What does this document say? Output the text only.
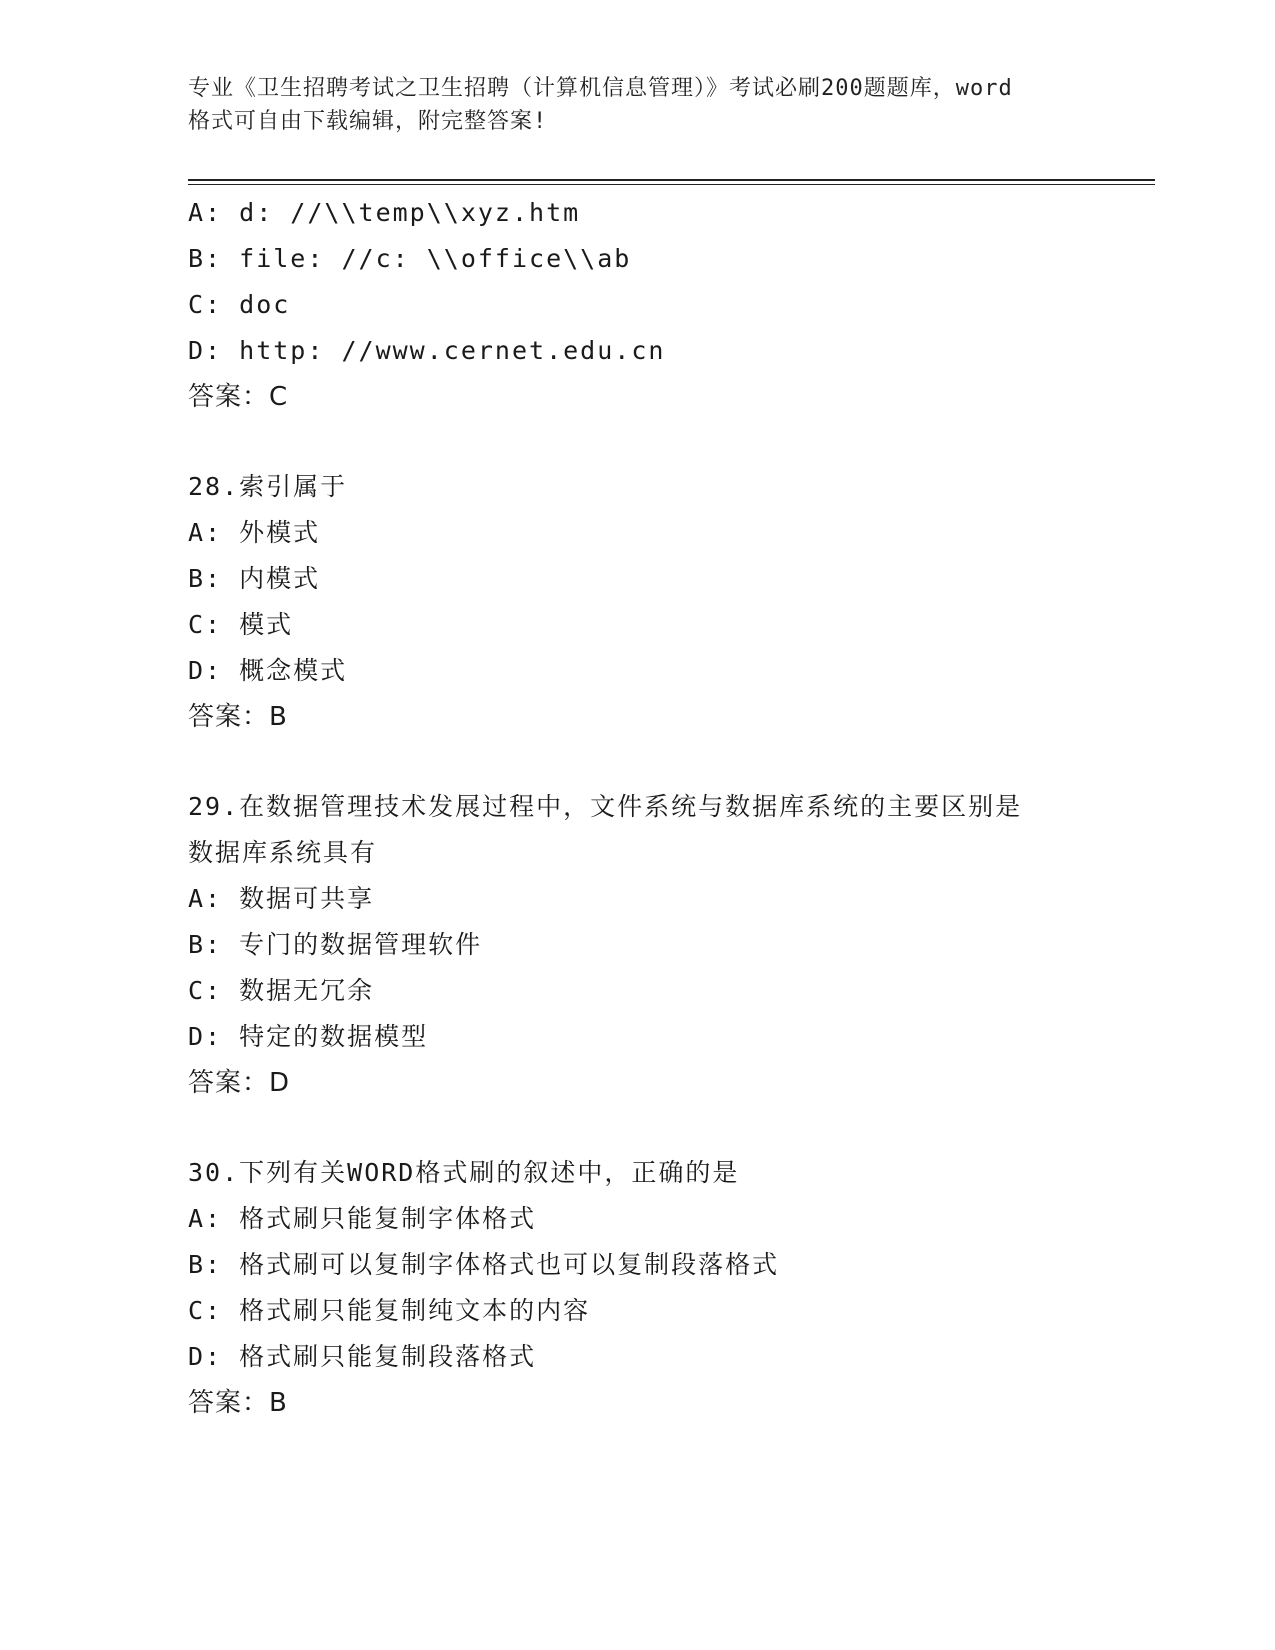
专业《卫生招聘考试之卫生招聘（计算机信息管理）》考试必刷200题题库，word
格式可自由下载编辑，附完整答案!
A: d: //\\temp\\xyz.htm
B: file: //c: \\office\\ab
C: doc
D: http: //www.cernet.edu.cn
答案：C
28.索引属于
A: 外模式
B: 内模式
C: 模式
D: 概念模式
答案：B
29.在数据管理技术发展过程中，文件系统与数据库系统的主要区别是
数据库系统具有
A: 数据可共享
B: 专门的数据管理软件
C: 数据无冗余
D: 特定的数据模型
答案：D
30.下列有关WORD格式刷的叙述中，正确的是
A: 格式刷只能复制字体格式
B: 格式刷可以复制字体格式也可以复制段落格式
C: 格式刷只能复制纯文本的内容
D: 格式刷只能复制段落格式
答案：B
